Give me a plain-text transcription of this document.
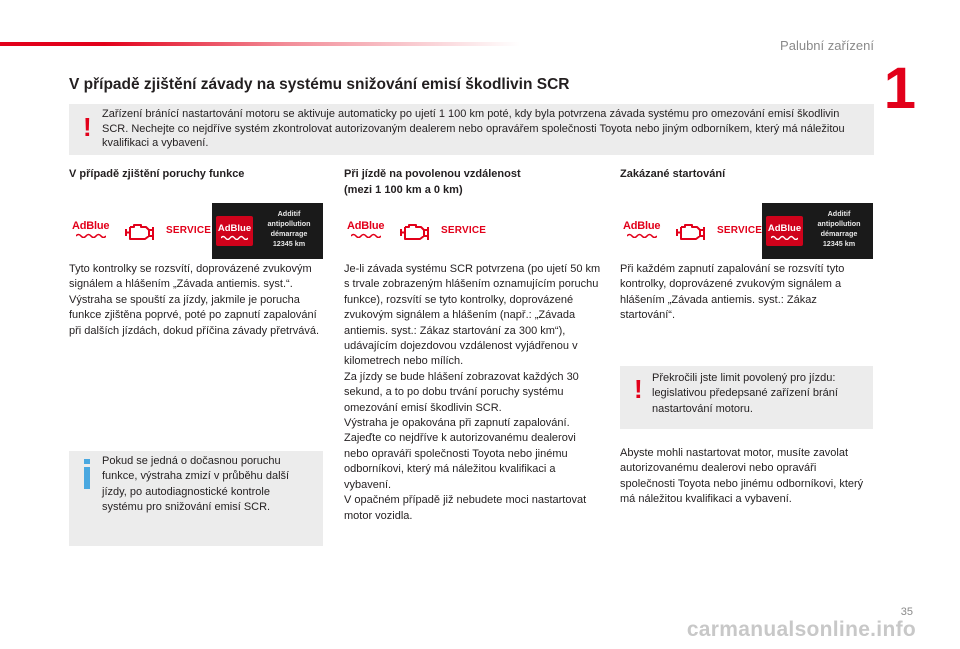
Palubní zařízení
1
V případě zjištění závady na systému snižování emisí škodlivin SCR
! Zařízení bránící nastartování motoru se aktivuje automaticky po ujetí 1 100 km poté, kdy byla potvrzena závada systému pro omezování emisí škodlivin SCR. Nechejte co nejdříve systém zkontrolovat autorizovaným dealerem nebo opravářem společnosti Toyota nebo jiným odborníkem, který má náležitou kvalifikaci a vybavení.
V případě zjištění poruchy funkce
AdBlue	SERVICE AdBlue
Additif
antipollution
démarrage
12345 km
Tyto kontrolky se rozsvítí, doprovázené zvukovým signálem a hlášením „Závada antiemis. syst.“.
Výstraha se spouští za jízdy, jakmile je porucha funkce zjištěna poprvé, poté po zapnutí zapalování při dalších jízdách, dokud příčina závady přetrvává.
Pokud se jedná o dočasnou poruchu funkce, výstraha zmizí v průběhu další jízdy, po autodiagnostické kontrole systému pro snižování emisí SCR.
Při jízdě na povolenou vzdálenost
(mezi 1 100 km a 0 km)
AdBlue	SERVICE
Je-li závada systému SCR potvrzena (po ujetí 50 km s trvale zobrazeným hlášením oznamujícím poruchu funkce), rozsvítí se tyto kontrolky, doprovázené zvukovým signálem a hlášením (např.: „Závada antiemis. syst.: Zákaz startování za 300 km“), udávajícím dojezdovou vzdálenost vyjádřenou v kilometrech nebo mílích.
Za jízdy se bude hlášení zobrazovat každých 30 sekund, a to po dobu trvání poruchy systému omezování emisí škodlivin SCR.
Výstraha je opakována při zapnutí zapalování.
Zajeďte co nejdříve k autorizovanému dealerovi nebo opraváři společnosti Toyota nebo jinému odborníkovi, který má náležitou kvalifikaci a vybavení.
V opačném případě již nebudete moci nastartovat motor vozidla.
Zakázané startování
AdBlue	SERVICE AdBlue
Additif
antipollution
démarrage
12345 km
Při každém zapnutí zapalování se rozsvítí tyto kontrolky, doprovázené zvukovým signálem a hlášením „Závada antiemis. syst.: Zákaz startování“.
! Překročili jste limit povolený pro jízdu: legislativou předepsané zařízení brání nastartování motoru.
Abyste mohli nastartovat motor, musíte zavolat autorizovanému dealerovi nebo opraváři společnosti Toyota nebo jinému odborníkovi, který má náležitou kvalifikaci a vybavení.
35
carmanualsonline.info
